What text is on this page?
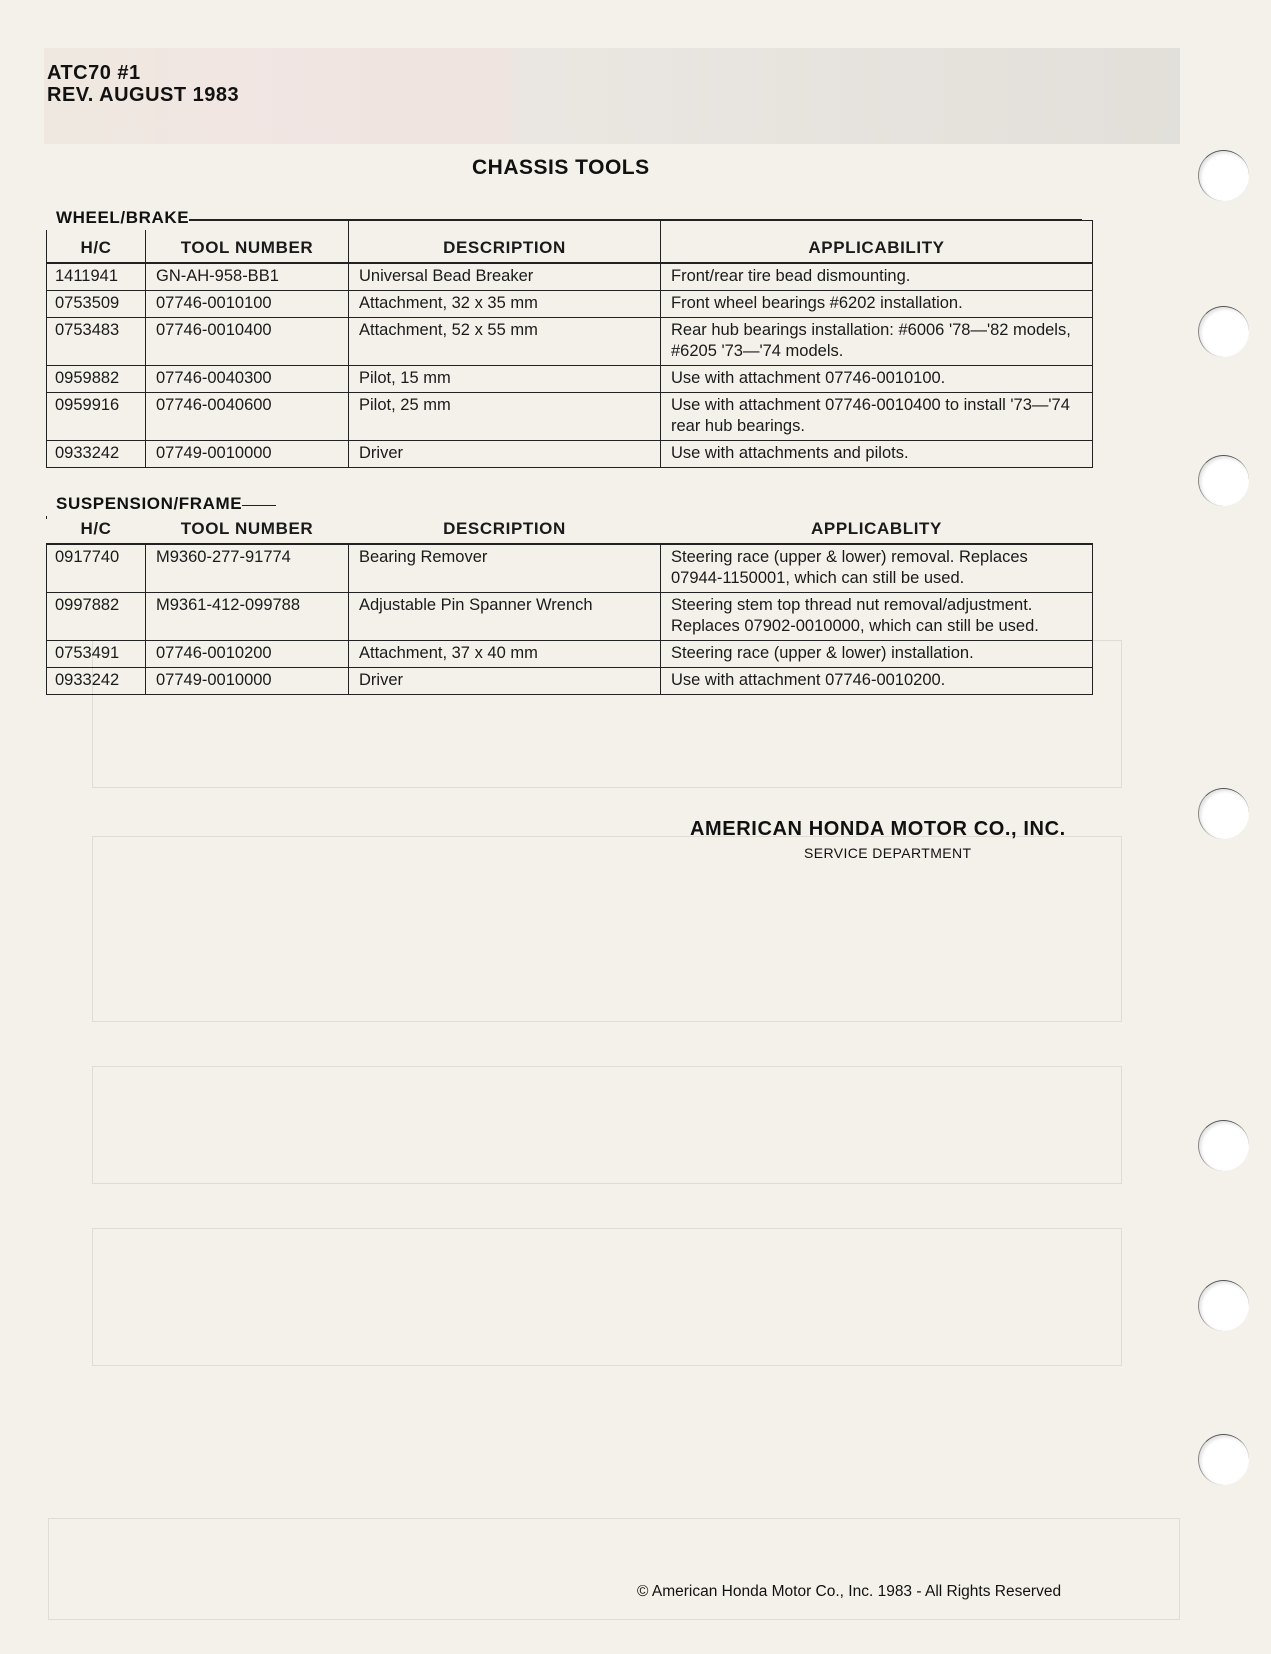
ATC70 #1
REV. AUGUST 1983
CHASSIS TOOLS
WHEEL/BRAKE
H/C	TOOL NUMBER	DESCRIPTION	APPLICABILITY
1411941	GN-AH-958-BB1	Universal Bead Breaker	Front/rear tire bead dismounting.
0753509	07746-0010100	Attachment, 32 x 35 mm	Front wheel bearings #6202 installation.
0753483	07746-0010400	Attachment, 52 x 55 mm	Rear hub bearings installation: #6006 '78—'82 models, #6205 '73—'74 models.
0959882	07746-0040300	Pilot, 15 mm	Use with attachment 07746-0010100.
0959916	07746-0040600	Pilot, 25 mm	Use with attachment 07746-0010400 to install '73—'74 rear hub bearings.
0933242	07749-0010000	Driver	Use with attachments and pilots.
SUSPENSION/FRAME
H/C	TOOL NUMBER	DESCRIPTION	APPLICABLITY
0917740	M9360-277-91774	Bearing Remover	Steering race (upper & lower) removal. Replaces 07944-1150001, which can still be used.
0997882	M9361-412-099788	Adjustable Pin Spanner Wrench	Steering stem top thread nut removal/adjustment. Replaces 07902-0010000, which can still be used.
0753491	07746-0010200	Attachment, 37 x 40 mm	Steering race (upper & lower) installation.
0933242	07749-0010000	Driver	Use with attachment 07746-0010200.
AMERICAN HONDA MOTOR CO., INC.
SERVICE DEPARTMENT
© American Honda Motor Co., Inc. 1983 - All Rights Reserved
